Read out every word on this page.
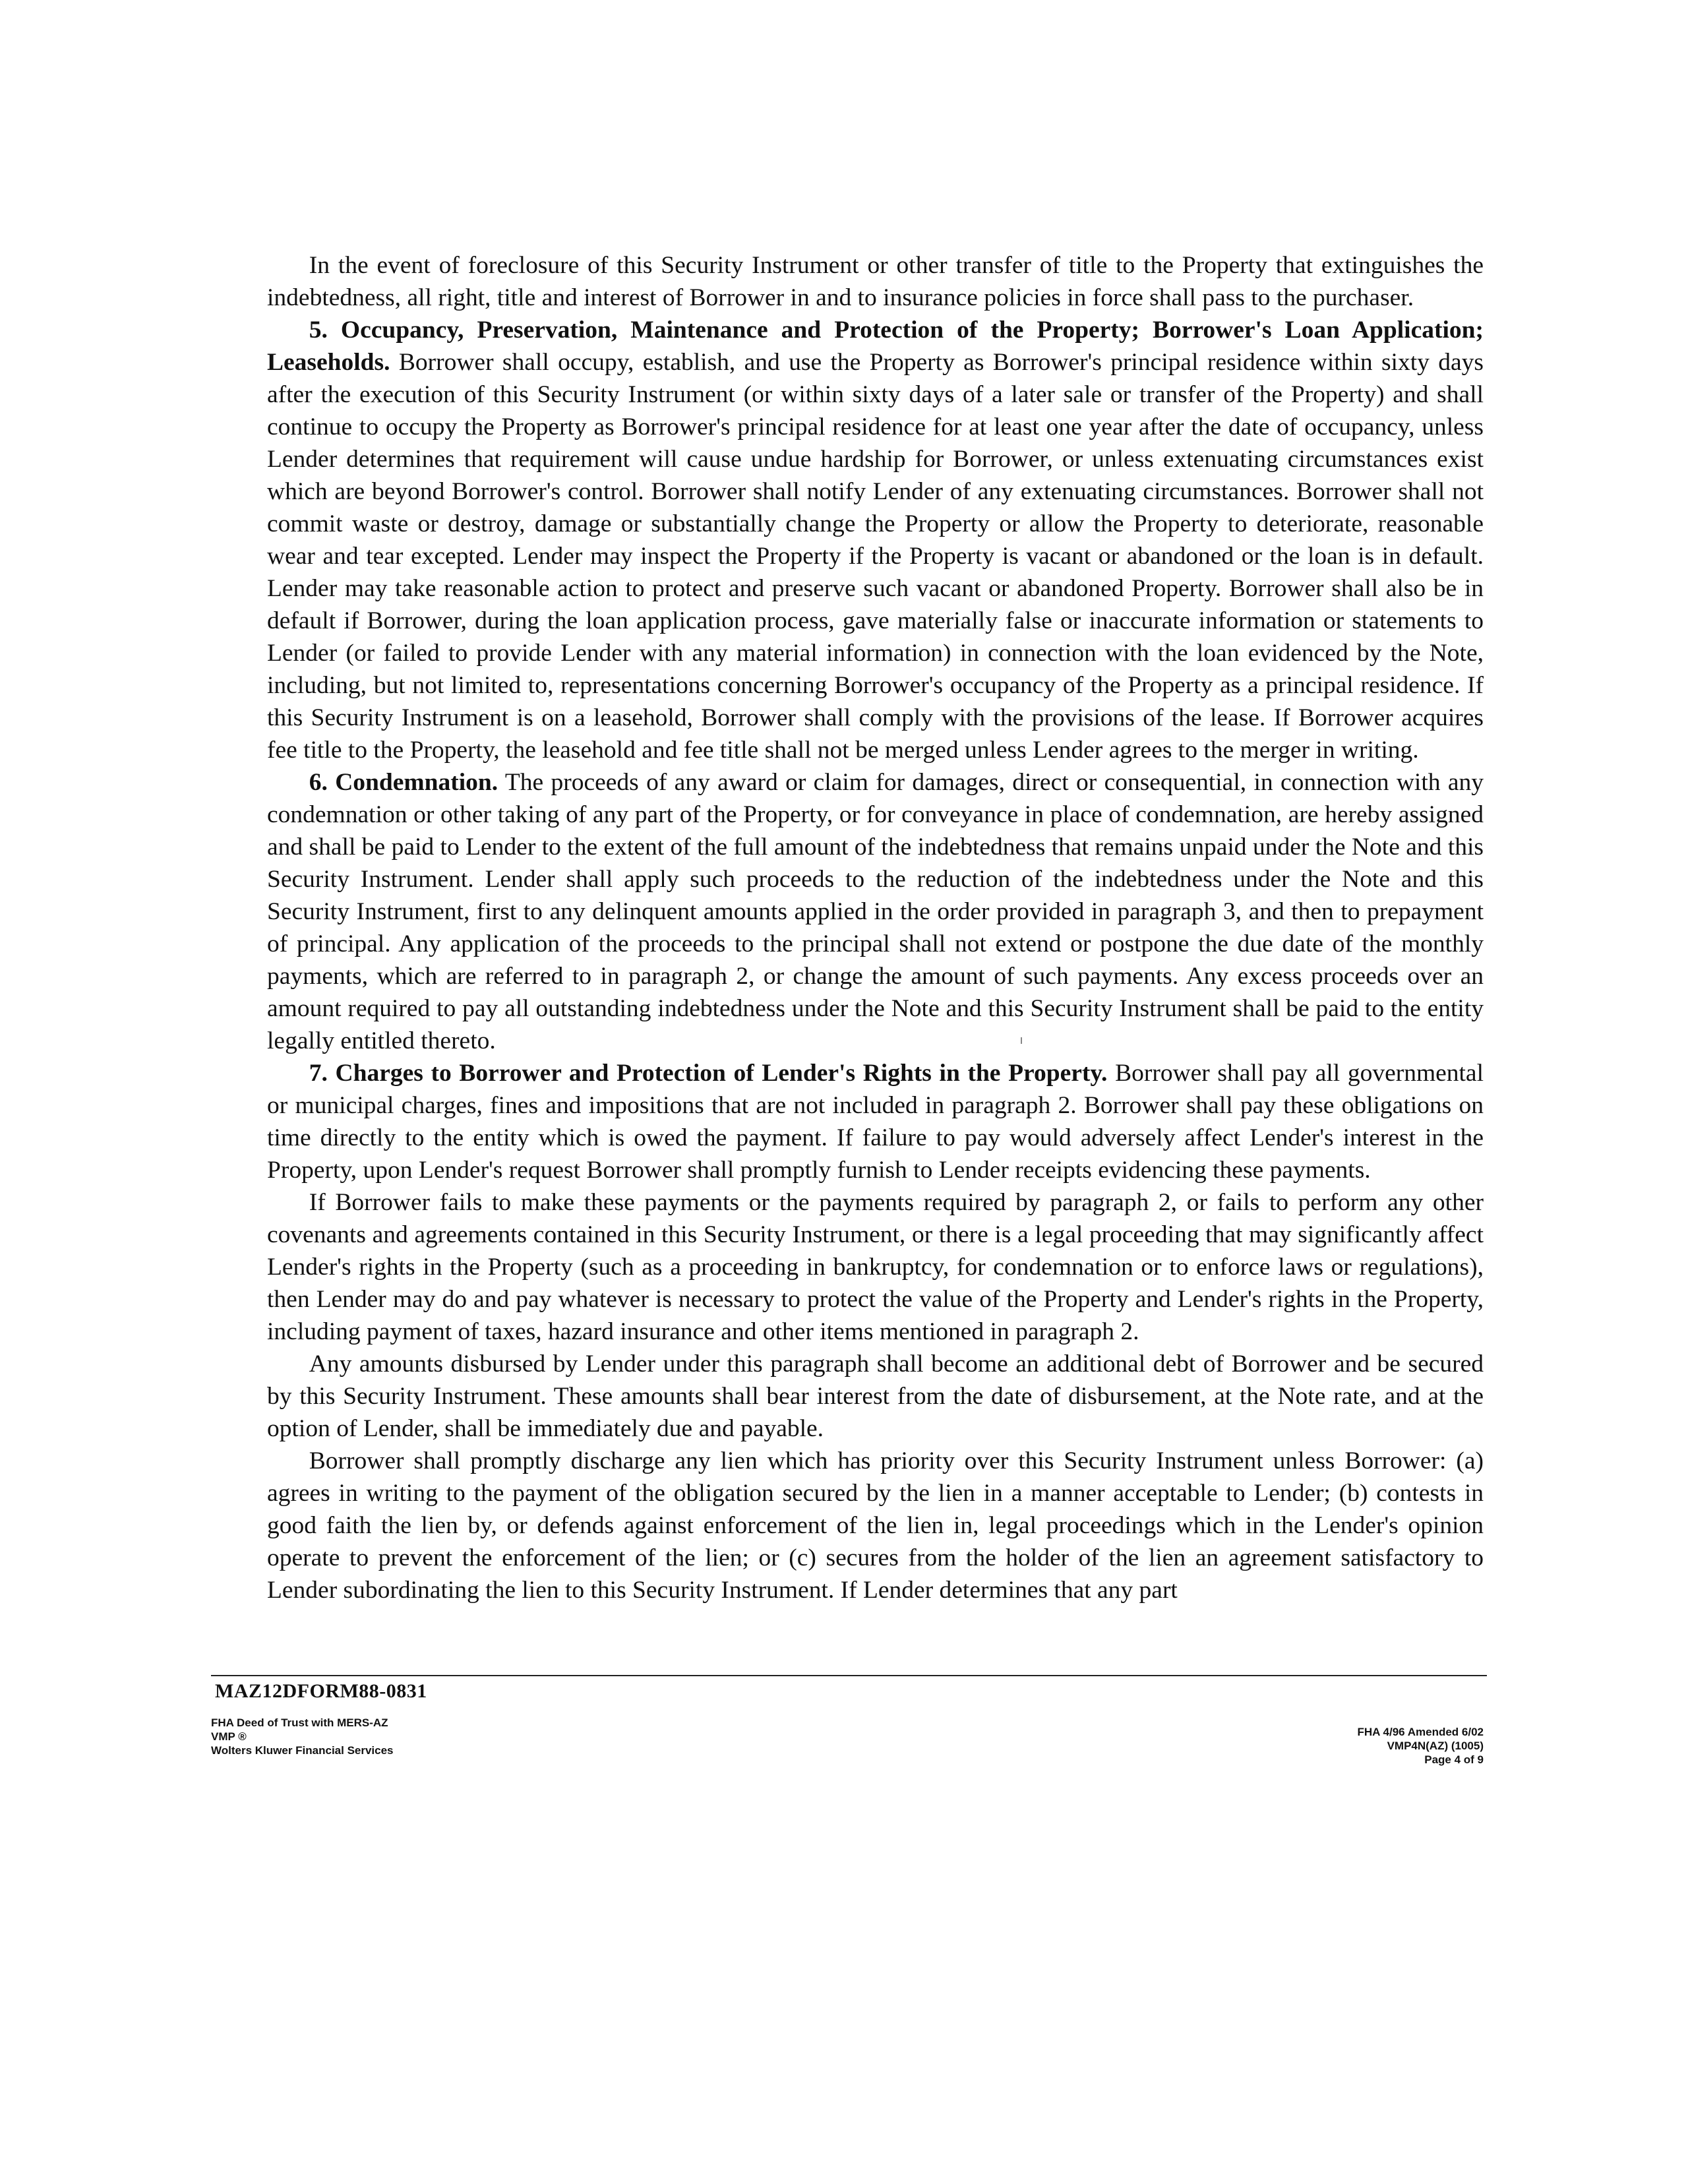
In the event of foreclosure of this Security Instrument or other transfer of title to the Property that extinguishes the indebtedness, all right, title and interest of Borrower in and to insurance policies in force shall pass to the purchaser.

5. Occupancy, Preservation, Maintenance and Protection of the Property; Borrower's Loan Application; Leaseholds. Borrower shall occupy, establish, and use the Property as Borrower's principal residence within sixty days after the execution of this Security Instrument (or within sixty days of a later sale or transfer of the Property) and shall continue to occupy the Property as Borrower's principal residence for at least one year after the date of occupancy, unless Lender determines that requirement will cause undue hardship for Borrower, or unless extenuating circumstances exist which are beyond Borrower's control. Borrower shall notify Lender of any extenuating circumstances. Borrower shall not commit waste or destroy, damage or substantially change the Property or allow the Property to deteriorate, reasonable wear and tear excepted. Lender may inspect the Property if the Property is vacant or abandoned or the loan is in default. Lender may take reasonable action to protect and preserve such vacant or abandoned Property. Borrower shall also be in default if Borrower, during the loan application process, gave materially false or inaccurate information or statements to Lender (or failed to provide Lender with any material information) in connection with the loan evidenced by the Note, including, but not limited to, representations concerning Borrower's occupancy of the Property as a principal residence. If this Security Instrument is on a leasehold, Borrower shall comply with the provisions of the lease. If Borrower acquires fee title to the Property, the leasehold and fee title shall not be merged unless Lender agrees to the merger in writing.

6. Condemnation. The proceeds of any award or claim for damages, direct or consequential, in connection with any condemnation or other taking of any part of the Property, or for conveyance in place of condemnation, are hereby assigned and shall be paid to Lender to the extent of the full amount of the indebtedness that remains unpaid under the Note and this Security Instrument. Lender shall apply such proceeds to the reduction of the indebtedness under the Note and this Security Instrument, first to any delinquent amounts applied in the order provided in paragraph 3, and then to prepayment of principal. Any application of the proceeds to the principal shall not extend or postpone the due date of the monthly payments, which are referred to in paragraph 2, or change the amount of such payments. Any excess proceeds over an amount required to pay all outstanding indebtedness under the Note and this Security Instrument shall be paid to the entity legally entitled thereto.

7. Charges to Borrower and Protection of Lender's Rights in the Property. Borrower shall pay all governmental or municipal charges, fines and impositions that are not included in paragraph 2. Borrower shall pay these obligations on time directly to the entity which is owed the payment. If failure to pay would adversely affect Lender's interest in the Property, upon Lender's request Borrower shall promptly furnish to Lender receipts evidencing these payments.

If Borrower fails to make these payments or the payments required by paragraph 2, or fails to perform any other covenants and agreements contained in this Security Instrument, or there is a legal proceeding that may significantly affect Lender's rights in the Property (such as a proceeding in bankruptcy, for condemnation or to enforce laws or regulations), then Lender may do and pay whatever is necessary to protect the value of the Property and Lender's rights in the Property, including payment of taxes, hazard insurance and other items mentioned in paragraph 2.

Any amounts disbursed by Lender under this paragraph shall become an additional debt of Borrower and be secured by this Security Instrument. These amounts shall bear interest from the date of disbursement, at the Note rate, and at the option of Lender, shall be immediately due and payable.

Borrower shall promptly discharge any lien which has priority over this Security Instrument unless Borrower: (a) agrees in writing to the payment of the obligation secured by the lien in a manner acceptable to Lender; (b) contests in good faith the lien by, or defends against enforcement of the lien in, legal proceedings which in the Lender's opinion operate to prevent the enforcement of the lien; or (c) secures from the holder of the lien an agreement satisfactory to Lender subordinating the lien to this Security Instrument. If Lender determines that any part

MAZ12DFORM88-0831
FHA Deed of Trust with MERS-AZ
VMP ®
Wolters Kluwer Financial Services
FHA 4/96 Amended 6/02
VMP4N(AZ) (1005)
Page 4 of 9
